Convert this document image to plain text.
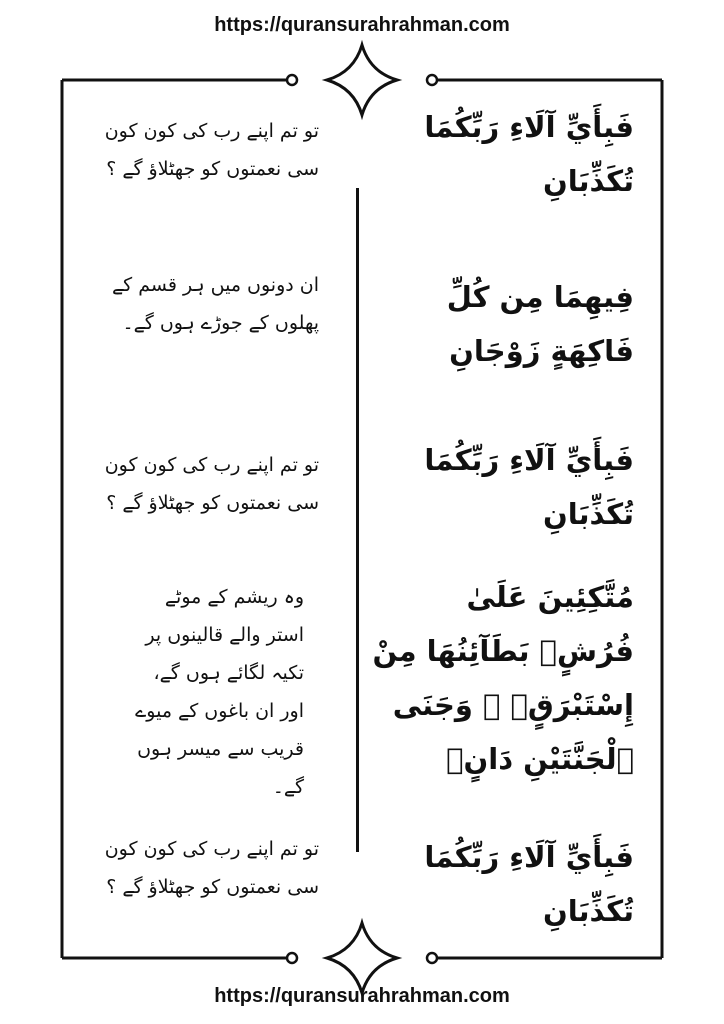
https://quransurahrahman.com
فَبِأَيِّ آلَاءِ رَبِّكُمَا تُكَذِّبَانِ
تو تم اپنے رب کی کون کون سی نعمتوں کو جھٹلاؤ گے ؟
فِيهِمَا مِن كُلِّ فَاكِهَةٍ زَوْجَانِ
ان دونوں میں ہر قسم کے پھلوں کے جوڑے ہوں گے۔
فَبِأَيِّ آلَاءِ رَبِّكُمَا تُكَذِّبَانِ
تو تم اپنے رب کی کون کون سی نعمتوں کو جھٹلاؤ گے ؟
مُتَّكِئِينَ عَلَىٰ فُرُشٍۭ بَطَآئِنُهَا مِنْ إِسْتَبْرَقٍۢ ۚ وَجَنَى ٱلْجَنَّتَيْنِ دَانٍۢ
وہ ریشم کے موٹے استر والے قالینوں پر تکیہ لگائے ہوں گے، اور ان باغوں کے میوے قریب سے میسر ہوں گے۔
فَبِأَيِّ آلَاءِ رَبِّكُمَا تُكَذِّبَانِ
تو تم اپنے رب کی کون کون سی نعمتوں کو جھٹلاؤ گے ؟
https://quransurahrahman.com
